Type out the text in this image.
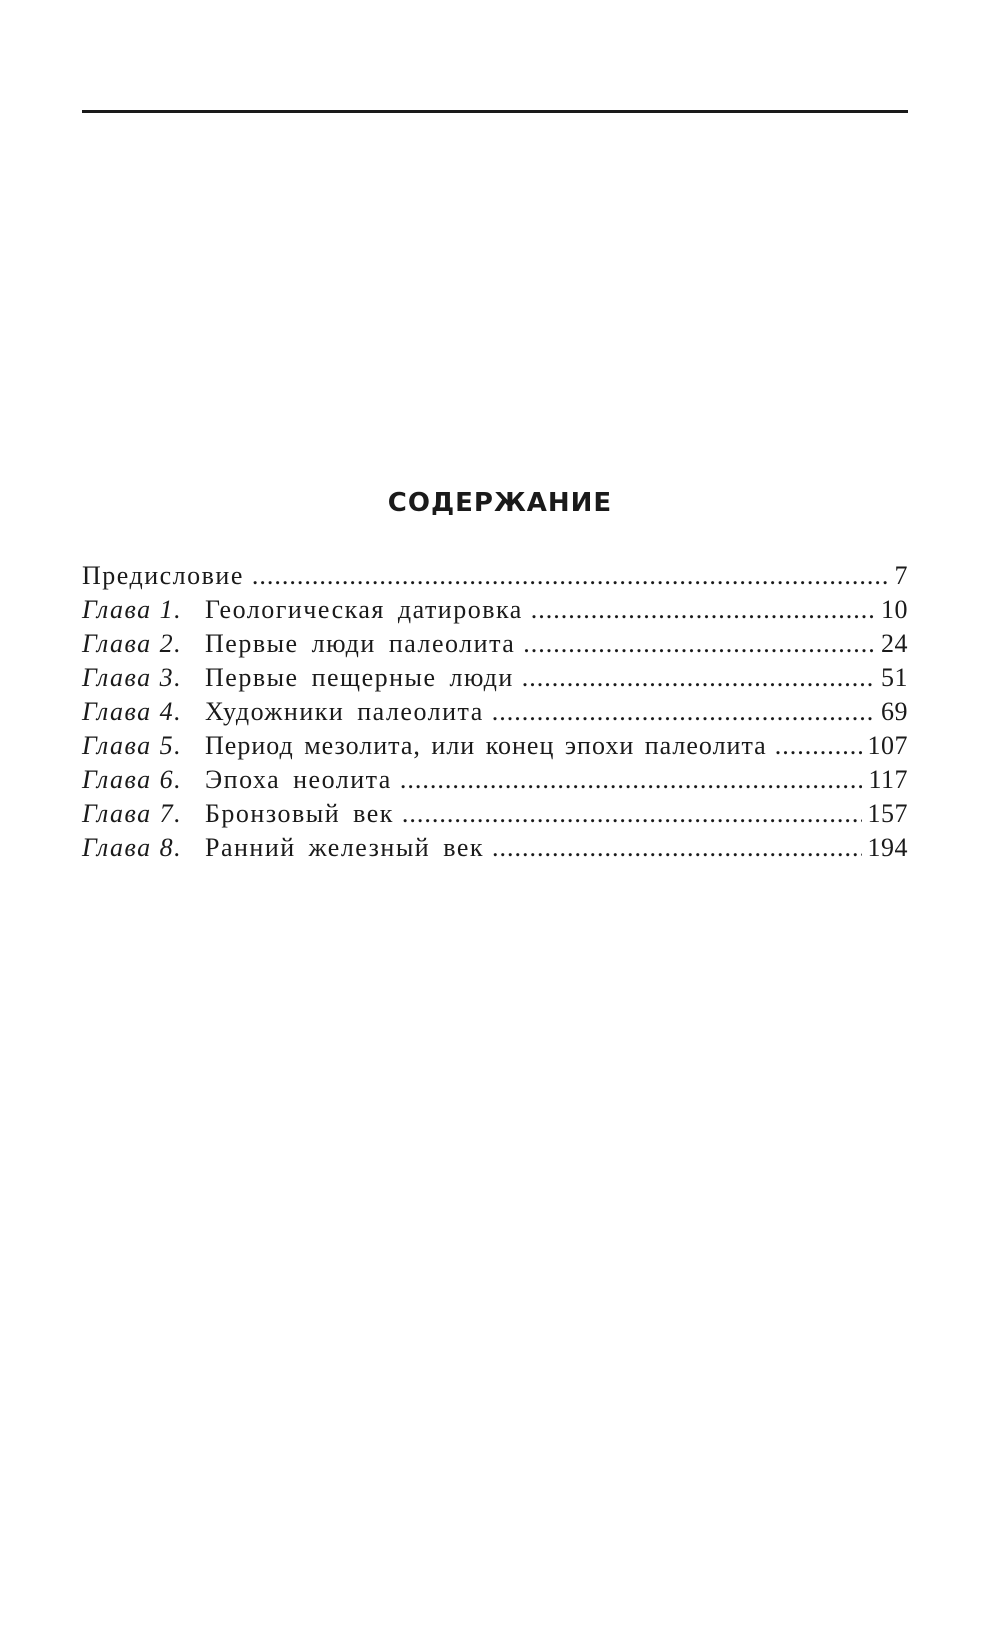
СОДЕРЖАНИЕ
Предисловие .....	7
Глава 1. Геологическая датировка .....	10
Глава 2. Первые люди палеолита .....	24
Глава 3. Первые пещерные люди .....	51
Глава 4. Художники палеолита .....	69
Глава 5. Период мезолита, или конец эпохи палеолита .....	107
Глава 6. Эпоха неолита .....	117
Глава 7. Бронзовый век .....	157
Глава 8. Ранний железный век .....	194
